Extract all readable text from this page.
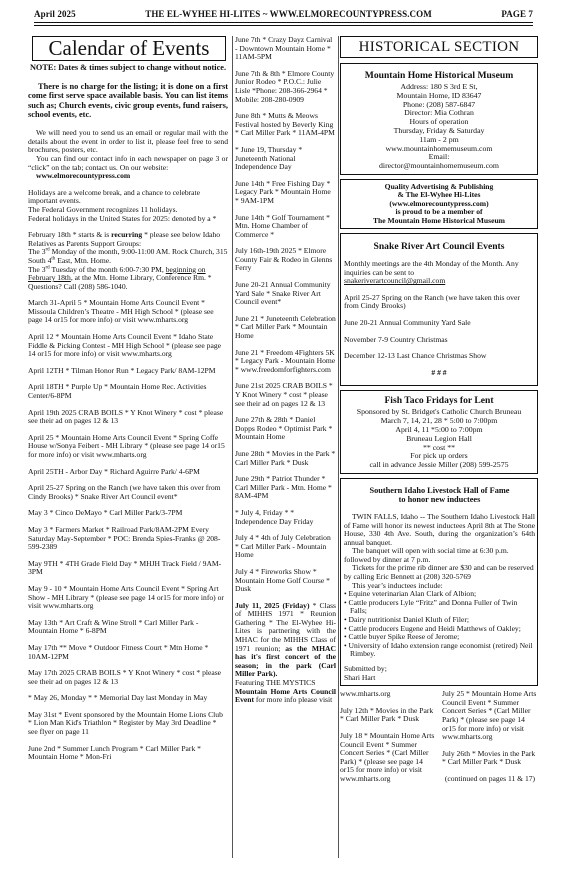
April 2025	THE EL-WYHEE HI-LITES ~ WWW.ELMORECOUNTYPRESS.COM	PAGE 7
Calendar of Events
NOTE: Dates & times subject to change without notice.
There is no charge for the listing; it is done on a first come first serve space available basis. You can list items such as; Church events, civic group events, fund raisers, school events, etc.
We will need you to send us an email or regular mail with the details about the event in order to list it, please feel free to send brochures, posters, etc.
You can find our contact info in each newspaper on page 3 or “click” on the tab; contact us. On our website:
www.elmorecountypress.com
Holidays are a welcome break, and a chance to celebrate important events.
The Federal Government recognizes 11 holidays.
Federal holidays in the United States for 2025: denoted by a *
February 18th * starts & is recurring * please see below Idaho Relatives as Parents Support Groups:
The 3rd Monday of the month, 9:00-11:00 AM. Rock Church, 315 South 4th East, Mtn. Home.
The 3rd Tuesday of the month 6:00-7:30 PM, beginning on February 18th, at the Mtn. Home Library, Conference Rm. * Questions? Call (208) 586-1040.
March 31-April 5 * Mountain Home Arts Council Event * Missoula Children’s Theatre - MH High School * (please see page 14 or15 for more info) or visit www.mharts.org
April 12 * Mountain Home Arts Council Event * Idaho State Fiddle & Picking Contest - MH High School * (please see page 14 or15 for more info) or visit www.mharts.org
April 12TH * Tilman Honor Run * Legacy Park/ 8AM-12PM
April 18TH * Purple Up * Mountain Home Rec. Activities Center/6-8PM
April 19th 2025 CRAB BOILS * Y Knot Winery * cost * please see their ad on pages 12 & 13
April 25 * Mountain Home Arts Council Event * Spring Coffe House w/Sonya Feibert - MH Library * (please see page 14 or15 for more info) or visit www.mharts.org
April 25TH - Arbor Day * Richard Aguirre Park/ 4-6PM
April 25-27 Spring on the Ranch (we have taken this over from Cindy Brooks) * Snake River Art Council event*
May 3 * Cinco DeMayo * Carl Miller Park/3-7PM
May 3 * Farmers Market * Railroad Park/8AM-2PM Every Saturday May-September * POC: Brenda Spies-Franks @ 208-599-2389
May 9TH * 4TH Grade Field Day * MHJH Track Field / 9AM-3PM
May 9 - 10 * Mountain Home Arts Council Event * Spring Art Show - MH Library * (please see page 14 or15 for more info) or visit www.mharts.org
May 13th * Art Craft & Wine Stroll * Carl Miller Park - Mountain Home * 6-8PM
May 17th ** Move * Outdoor Fitness Court * Mtn Home * 10AM-12PM
May 17th 2025 CRAB BOILS * Y Knot Winery * cost * please see their ad on pages 12 & 13
* May 26, Monday * * Memorial Day last Monday in May
May 31st * Event sponsored by the Mountain Home Lions Club * Lion Man Kid's Triathlon * Register by May 3rd Deadline * see flyer on page 11
June 2nd * Summer Lunch Program * Carl Miller Park * Mountain Home * Mon-Fri
June 7th * Crazy Dayz Carnival - Downtown Mountain Home * 11AM-5PM
June 7th & 8th * Elmore County Junior Rodeo * P.O.C.: Julie Lisle *Phone: 208-366-2964 * Mobile: 208-280-0909
June 8th * Mutts & Meows Festival hosted by Beverly King * Carl Miller Park * 11AM-4PM
* June 19, Thursday * Juneteenth National Independence Day
June 14th * Free Fishing Day * Legacy Park * Mountain Home * 9AM-1PM
June 14th * Golf Tournament * Mtn. Home Chamber of Commerce *
July 16th-19th 2025 * Elmore County Fair & Rodeo in Glenns Ferry
June 20-21 Annual Community Yard Sale * Snake River Art Council event*
June 21 * Juneteenth Celebration * Carl Miller Park * Mountain Home
June 21 * Freedom 4Fighters 5K * Legacy Park - Mountain Home * www.freedomforfighters.com
June 21st 2025 CRAB BOILS * Y Knot Winery * cost * please see their ad on pages 12 & 13
June 27th & 28th * Daniel Dopps Rodeo * Optimist Park * Mountain Home
June 28th * Movies in the Park * Carl Miller Park * Dusk
June 29th * Patriot Thunder * Carl Miller Park - Mtn. Home * 8AM-4PM
* July 4, Friday * * Independence Day Friday
July 4 * 4th of July Celebration * Carl Miller Park - Mountain Home
July 4 * Fireworks Show * Mountain Home Golf Course * Dusk
July 11, 2025 (Friday) * Class of MIHHS 1971 * Reunion Gathering * The El-Wyhee Hi-Lites is partnering with the MHAC for the MIHHS Class of 1971 reunion; as the MHAC has it's first concert of the season; in the park (Carl Miller Park).
Featuring THE MYSTICS
Mountain Home Arts Council Event for more info please visit
HISTORICAL SECTION
Mountain Home Historical Museum
Address: 180 S 3rd E St,
Mountain Home, ID 83647
Phone: (208) 587-6847
Director: Mia Cothran
Hours of operation
Thursday, Friday & Saturday
11am - 2 pm
www.mountainhomemuseum.com
Email:
director@mountainhomemuseum.com
Quality Advertising & Publishing
& The El-Wyhee Hi-Lites
(www.elmorecountypress.com)
is proud to be a member of
The Mountain Home Historical Museum
Snake River Art Council Events
Monthly meetings are the 4th Monday of the Month. Any inquiries can be sent to
snakeriverartcouncil@gmail.com
April 25-27 Spring on the Ranch (we have taken this over from Cindy Brooks)
June 20-21 Annual Community Yard Sale
November 7-9 Country Christmas
December 12-13 Last Chance Christmas Show
# # #
Fish Taco Fridays for Lent
Sponsored by St. Bridget's Catholic Church Bruneau
March 7, 14, 21, 28 * 5:00 to 7:00pm
April 4, 11 *5:00 to 7:00pm
Bruneau Legion Hall
** cost **
For pick up orders
call in advance Jessie Miller (208) 599-2575
Southern Idaho Livestock Hall of Fame
to honor new inductees
TWIN FALLS, Idaho -- The Southern Idaho Livestock Hall of Fame will honor its newest inductees April 8th at The Stone House, 330 4th Ave. South, during the organization’s 64th annual banquet.
The banquet will open with social time at 6:30 p.m. followed by dinner at 7 p.m.
Tickets for the prime rib dinner are $30 and can be reserved by calling Eric Bennett at (208) 320-5769
This year’s inductees include:
• Equine veterinarian Alan Clark of Albion;
• Cattle producers Lyle “Fritz” and Donna Fuller of Twin Falls;
• Dairy nutritionist Daniel Kluth of Filer;
• Cattle producers Eugene and Heidi Matthews of Oakley;
• Cattle buyer Spike Reese of Jerome;
• University of Idaho extension range economist (retired) Neil Rimbey.
Submitted by;
Shari Hart
www.mharts.org
July 12th * Movies in the Park * Carl Miller Park * Dusk
July 18 * Mountain Home Arts Council Event * Summer Concert Series * (Carl Miller Park) * (please see page 14 or15 for more info) or visit www.mharts.org
July 25 * Mountain Home Arts Council Event * Summer Concert Series * (Carl Miller Park) * (please see page 14 or15 for more info) or visit www.mharts.org
July 26th * Movies in the Park * Carl Miller Park * Dusk
(continued on pages 11 & 17)
